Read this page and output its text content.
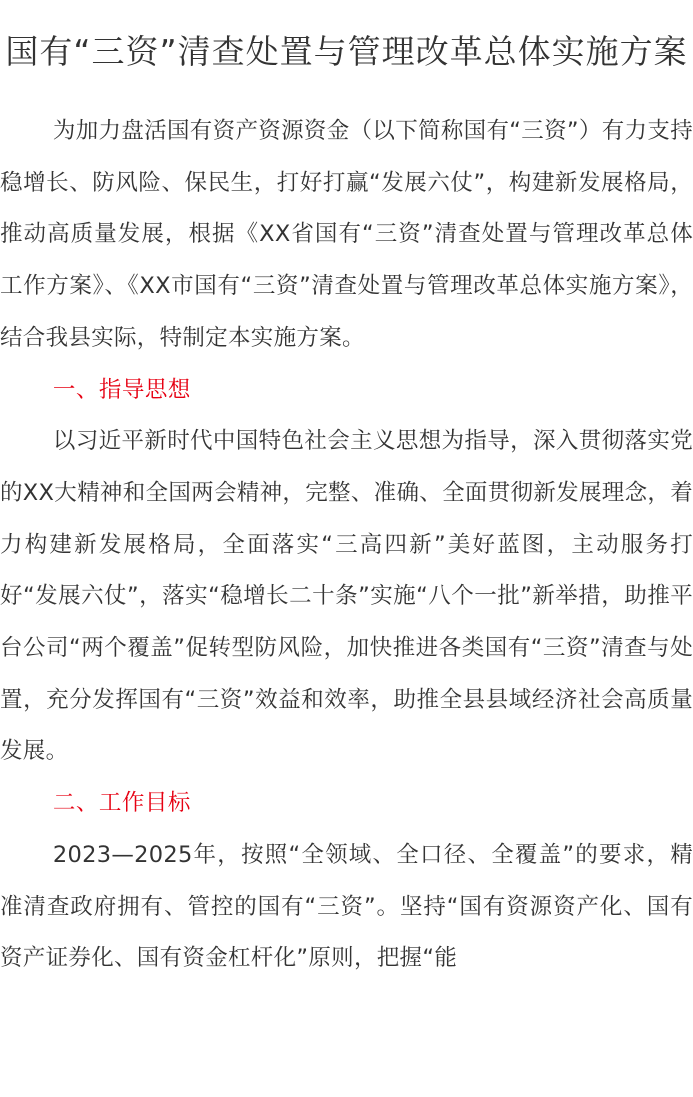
国有“三资”清查处置与管理改革总体实施方案

为加力盘活国有资产资源资金（以下简称国有“三资”）有力支持稳增长、防风险、保民生，打好打赢“发展六仗”，构建新发展格局，推动高质量发展，根据《XX省国有“三资”清查处置与管理改革总体工作方案》、《XX市国有“三资”清查处置与管理改革总体实施方案》，结合我县实际，特制定本实施方案。

一、指导思想

以习近平新时代中国特色社会主义思想为指导，深入贯彻落实党的XX大精神和全国两会精神，完整、准确、全面贯彻新发展理念，着力构建新发展格局，全面落实“三高四新”美好蓝图，主动服务打好“发展六仗”，落实“稳增长二十条”实施“八个一批”新举措，助推平台公司“两个覆盖”促转型防风险，加快推进各类国有“三资”清查与处置，充分发挥国有“三资”效益和效率，助推全县县域经济社会高质量发展。

二、工作目标

2023—2025年，按照“全领域、全口径、全覆盖”的要求，精准清查政府拥有、管控的国有“三资”。坚持“国有资源资产化、国有资产证券化、国有资金杠杆化”原则，把握“能
